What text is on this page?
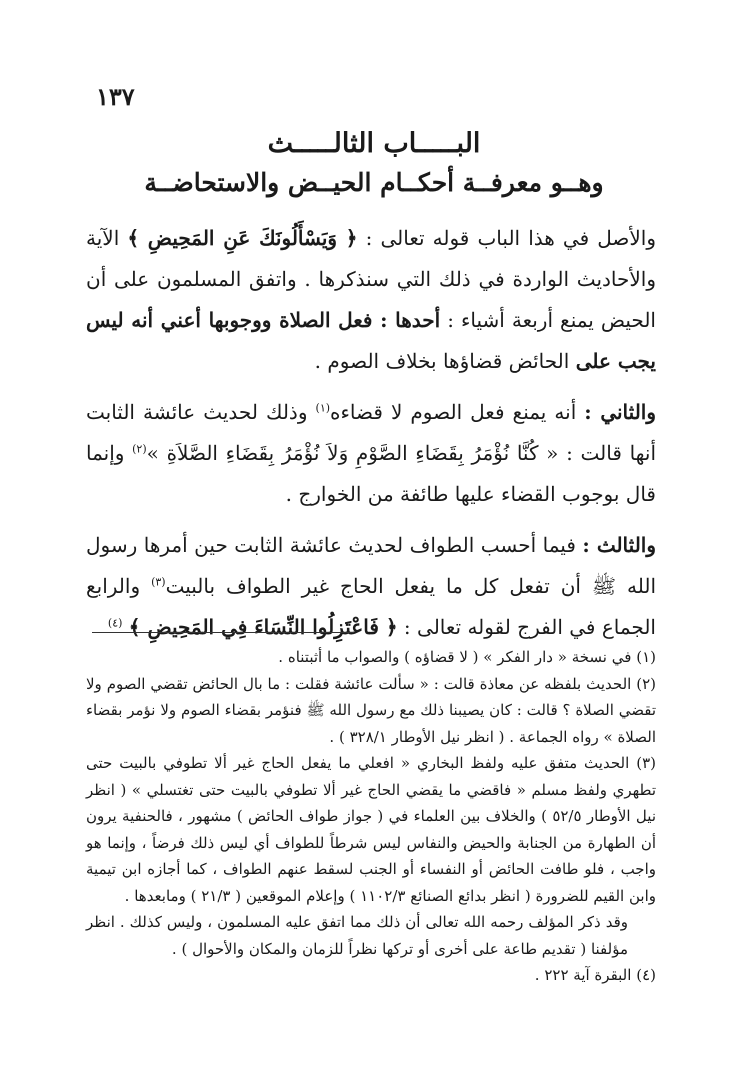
١٣٧
البـــــاب الثالـــــث
وهــو معرفــة أحكــام الحيــض والاستحاضــة

والأصل في هذا الباب قوله تعالى : ﴿ وَيَسْأَلُونَكَ عَنِ المَحِيضِ ﴾ الآية والأحاديث الواردة في ذلك التي سنذكرها . واتفق المسلمون على أن الحيض يمنع أربعة أشياء : أحدها : فعل الصلاة ووجوبها أعني أنه ليس يجب على الحائض قضاؤها بخلاف الصوم .

والثاني : أنه يمنع فعل الصوم لا قضاءه$^{(١)}$ وذلك لحديث عائشة الثابت أنها قالت : « كُنَّا نُؤْمَرُ بِقَضَاءِ الصَّوْمِ وَلاَ نُؤْمَرُ بِقَضَاءِ الصَّلاَةِ »$^{(٢)}$ وإنما قال بوجوب القضاء عليها طائفة من الخوارج .

والثالث : فيما أحسب الطواف لحديث عائشة الثابت حين أمرها رسول الله ﷺ أن تفعل كل ما يفعل الحاج غير الطواف بالبيت$^{(٣)}$ والرابع الجماع في الفرج لقوله تعالى : ﴿ فَاعْتَزِلُوا النِّسَاءَ فِي المَحِيضِ ﴾ $^{(٤)}$

(١) في نسخة « دار الفكر » ( لا قضاؤه ) والصواب ما أثبتناه .

(٢) الحديث بلفظه عن معاذة قالت : « سألت عائشة فقلت : ما بال الحائض تقضي الصوم ولا تقضي الصلاة ؟ قالت : كان يصيبنا ذلك مع رسول الله ﷺ فنؤمر بقضاء الصوم ولا نؤمر بقضاء الصلاة » رواه الجماعة . ( انظر نيل الأوطار ٣٢٨/١ ) .

(٣) الحديث متفق عليه ولفظ البخاري « افعلي ما يفعل الحاج غير ألا تطوفي بالبيت حتى تطهري ولفظ مسلم « فاقضي ما يقضي الحاج غير ألا تطوفي بالبيت حتى تغتسلي » ( انظر نيل الأوطار ٥٢/٥ ) والخلاف بين العلماء في ( جواز طواف الحائض ) مشهور ، فالحنفية يرون أن الطهارة من الجنابة والحيض والنفاس ليس شرطاً للطواف أي ليس ذلك فرضاً ، وإنما هو واجب ، فلو طافت الحائض أو النفساء أو الجنب لسقط عنهم الطواف ، كما أجازه ابن تيمية وابن القيم للضرورة ( انظر بدائع الصنائع ١١٠٢/٣ ) وإعلام الموقعين ( ٢١/٣ ) ومابعدها .

وقد ذكر المؤلف رحمه الله تعالى أن ذلك مما اتفق عليه المسلمون ، وليس كذلك . انظر مؤلفنا ( تقديم طاعة على أخرى أو تركها نظراً للزمان والمكان والأحوال ) .

(٤) البقرة آية ٢٢٢ .
